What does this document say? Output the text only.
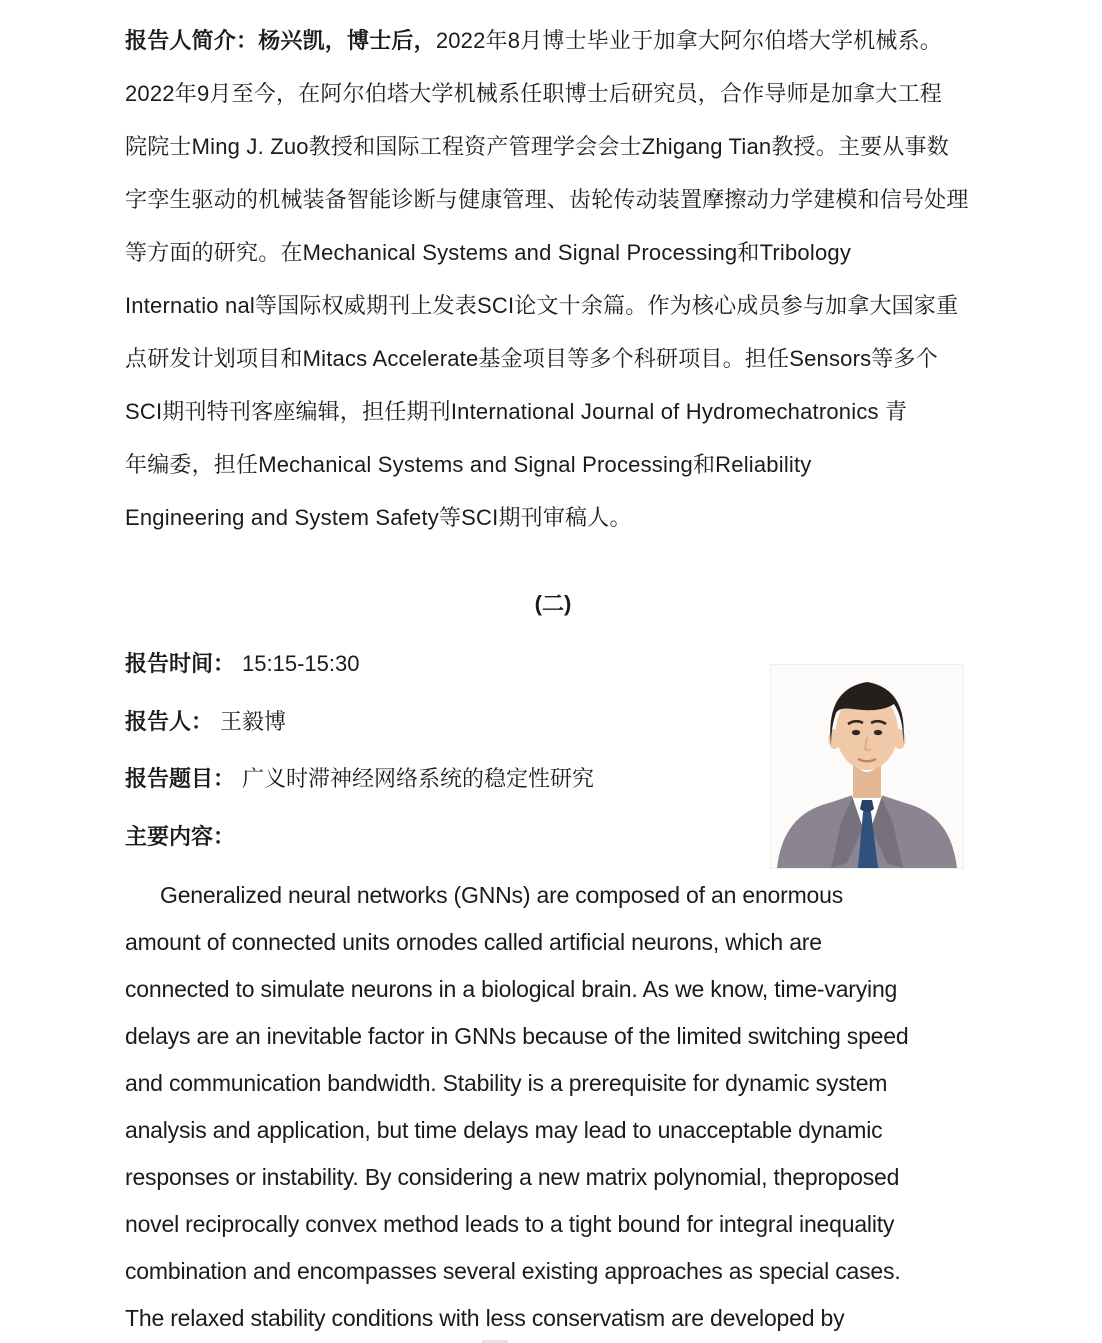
报告人简介：杨兴凯，博士后，2022年8月博士毕业于加拿大阿尔伯塔大学机械系。
2022年9月至今，在阿尔伯塔大学机械系任职博士后研究员，合作导师是加拿大工程
院院士Ming J. Zuo教授和国际工程资产管理学会会士Zhigang Tian教授。主要从事数
字孪生驱动的机械装备智能诊断与健康管理、齿轮传动装置摩擦动力学建模和信号处理
等方面的研究。在Mechanical Systems and Signal Processing和Tribology
Internatio nal等国际权威期刊上发表SCI论文十余篇。作为核心成员参与加拿大国家重
点研发计划项目和Mitacs Accelerate基金项目等多个科研项目。担任Sensors等多个
SCI期刊特刊客座编辑，担任期刊International Journal of Hydromechatronics 青
年编委，担任Mechanical Systems and Signal Processing和Reliability
Engineering and System Safety等SCI期刊审稿人。
(二)
报告时间： 15:15-15:30
报告人： 王毅博
报告题目： 广义时滞神经网络系统的稳定性研究
主要内容：
Generalized neural networks (GNNs) are composed of an enormous
amount of connected units ornodes called artificial neurons, which are
connected to simulate neurons in a biological brain. As we know, time-varying
delays are an inevitable factor in GNNs because of the limited switching speed
and communication bandwidth. Stability is a prerequisite for dynamic system
analysis and application, but time delays may lead to unacceptable dynamic
responses or instability. By considering a new matrix polynomial, theproposed
novel reciprocally convex method leads to a tight bound for integral inequality
combination and encompasses several existing approaches as special cases.
The relaxed stability conditions with less conservatism are developed by
